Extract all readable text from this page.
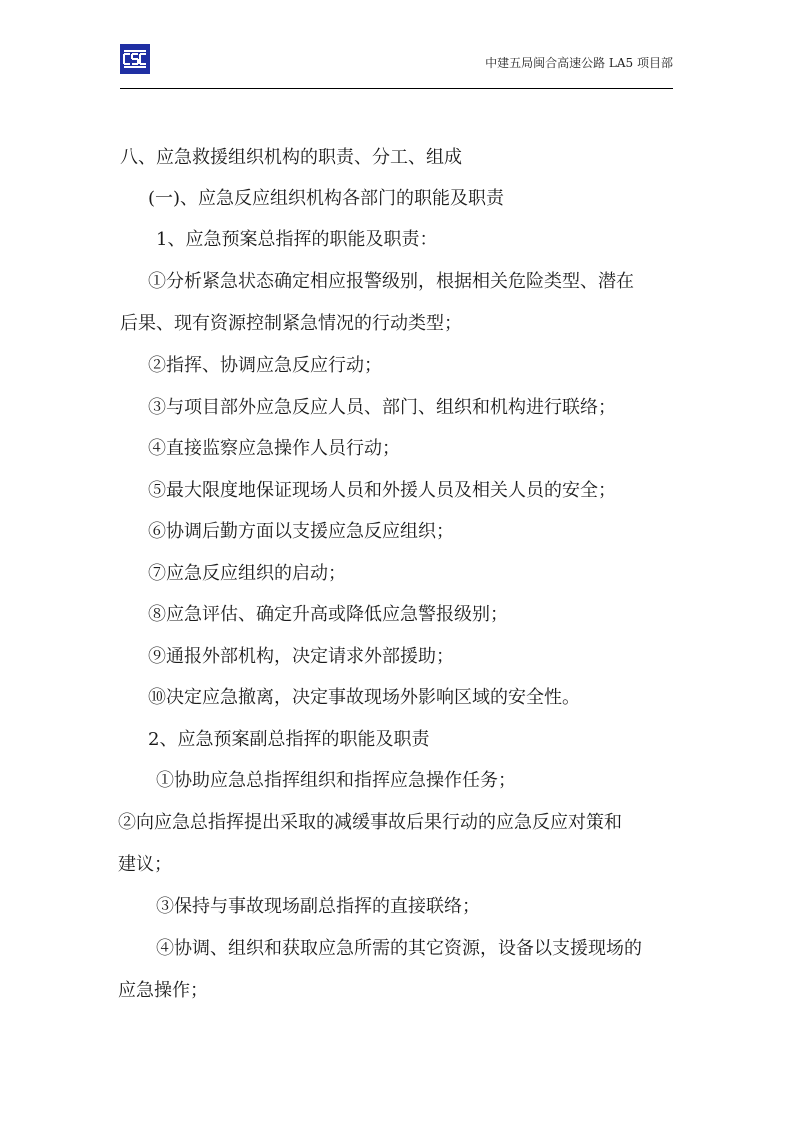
中建五局闽合高速公路 LA5 项目部
八、应急救援组织机构的职责、分工、组成
(一)、应急反应组织机构各部门的职能及职责
1、应急预案总指挥的职能及职责：
①分析紧急状态确定相应报警级别，根据相关危险类型、潜在
后果、现有资源控制紧急情况的行动类型；
②指挥、协调应急反应行动；
③与项目部外应急反应人员、部门、组织和机构进行联络；
④直接监察应急操作人员行动；
⑤最大限度地保证现场人员和外援人员及相关人员的安全；
⑥协调后勤方面以支援应急反应组织；
⑦应急反应组织的启动；
⑧应急评估、确定升高或降低应急警报级别；
⑨通报外部机构，决定请求外部援助；
⑩决定应急撤离，决定事故现场外影响区域的安全性。
2、应急预案副总指挥的职能及职责
①协助应急总指挥组织和指挥应急操作任务；
②向应急总指挥提出采取的减缓事故后果行动的应急反应对策和
建议；
③保持与事故现场副总指挥的直接联络；
④协调、组织和获取应急所需的其它资源，设备以支援现场的
应急操作；
